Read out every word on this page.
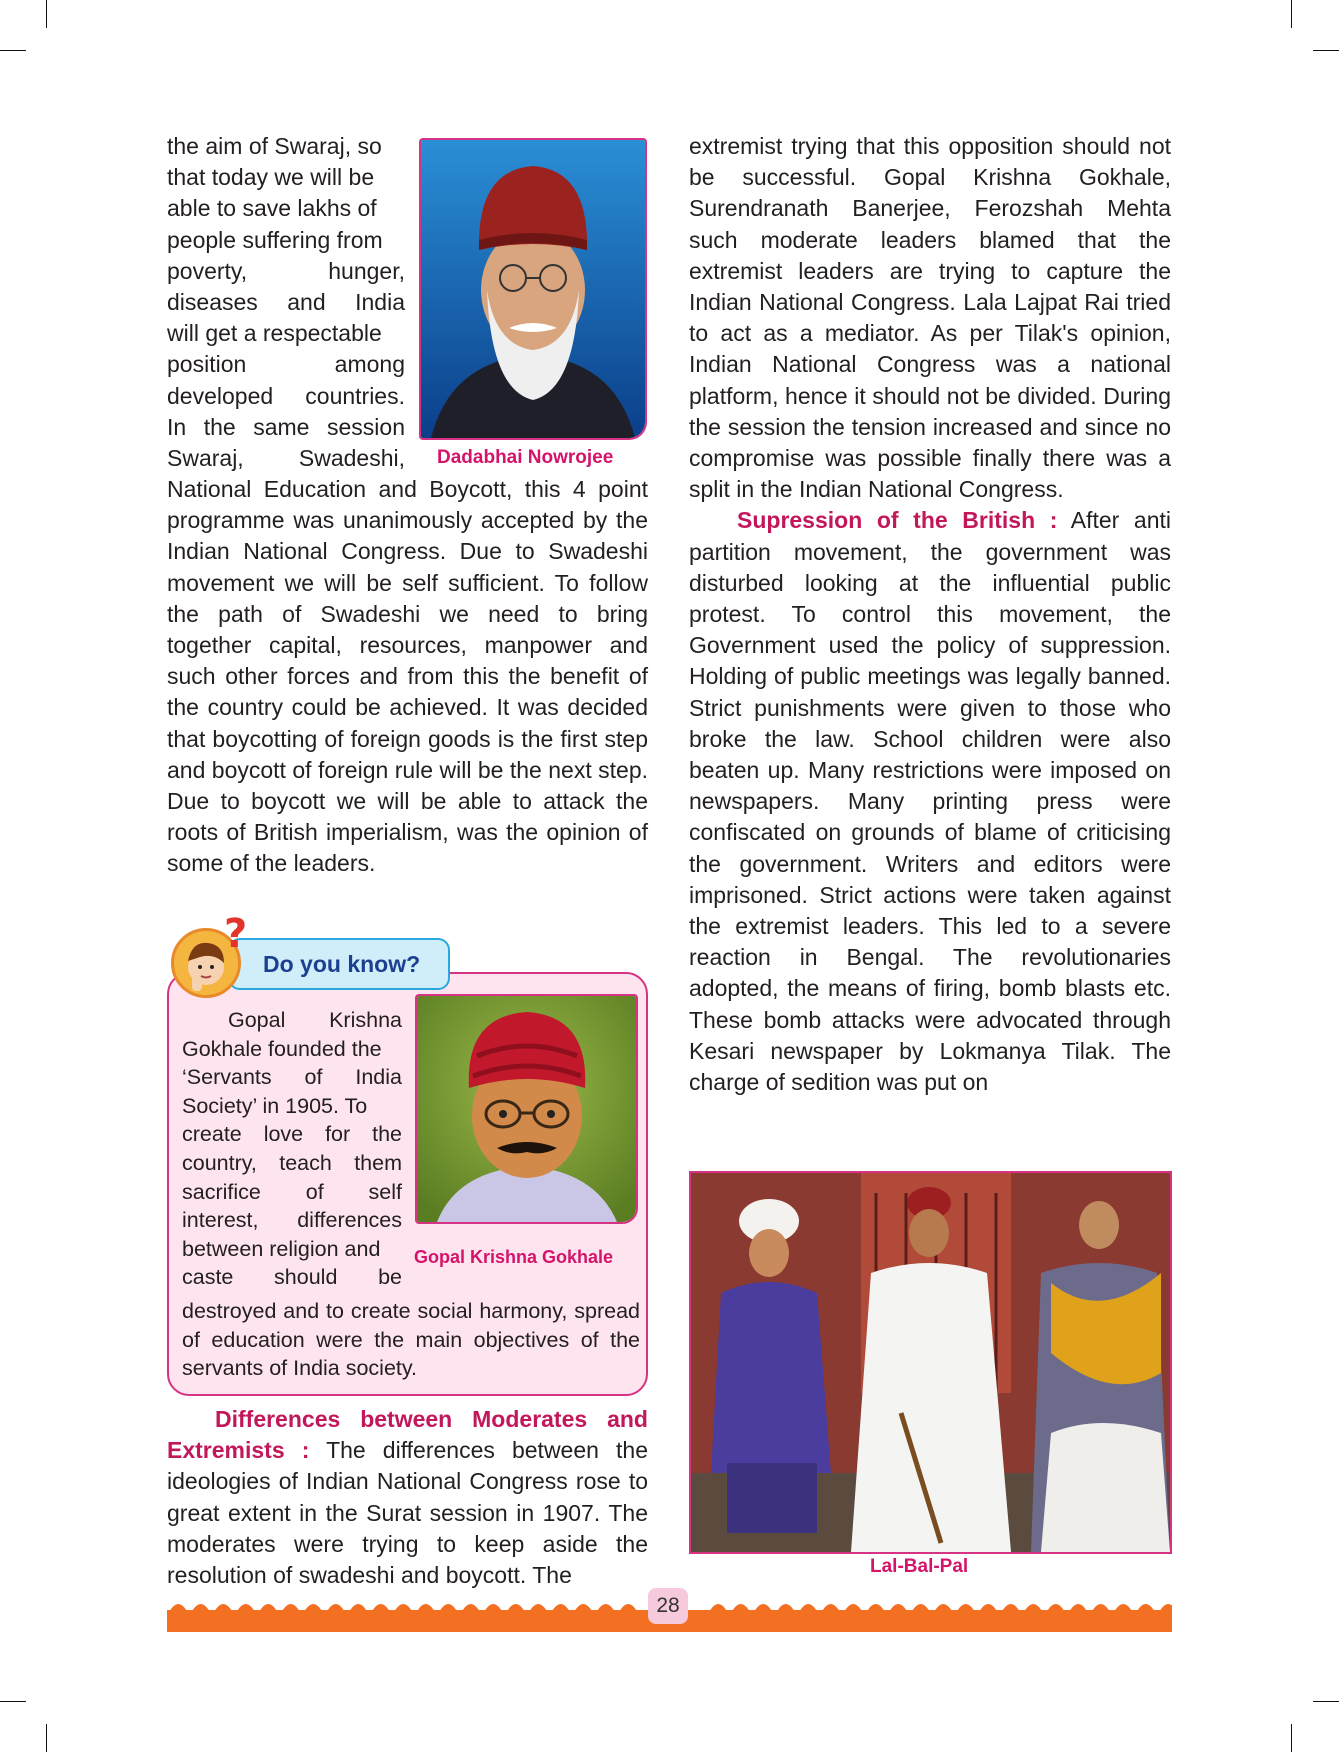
the aim of Swaraj, so

that today we will be

able to save lakhs of

people suffering from

poverty, hunger,

diseases and India

will get a respectable

position among

developed countries.

In the same session

Swaraj, Swadeshi, Dadabhai Nowrojee

National Education and Boycott, this 4 point programme was unanimously accepted by the Indian National Congress. Due to Swadeshi movement we will be self sufficient. To follow the path of Swadeshi we need to bring together capital, resources, manpower and such other forces and from this the benefit of the country could be achieved. It was decided that boycotting of foreign goods is the first step and boycott of foreign rule will be the next step. Due to boycott we will be able to attack the roots of British imperialism, was the opinion of some of the leaders.

Do you know?
?

Gopal Krishna

Gokhale founded the

‘Servants of India

Society’ in 1905. To

create love for the

country, teach them

sacrifice of self

interest, differences

between religion and

caste should be

Gopal Krishna Gokhale

destroyed and to create social harmony, spread of education were the main objectives of the servants of India society.

Differences between Moderates and Extremists : The differences between the ideologies of Indian National Congress rose to great extent in the Surat session in 1907. The moderates were trying to keep aside the resolution of swadeshi and boycott. The

extremist trying that this opposition should not be successful. Gopal Krishna Gokhale, Surendranath Banerjee, Ferozshah Mehta such moderate leaders blamed that the extremist leaders are trying to capture the Indian National Congress. Lala Lajpat Rai tried to act as a mediator. As per Tilak's opinion, Indian National Congress was a national platform, hence it should not be divided. During the session the tension increased and since no compromise was possible finally there was a split in the Indian National Congress.

Supression of the British : After anti partition movement, the government was disturbed looking at the influential public protest. To control this movement, the Government used the policy of suppression. Holding of public meetings was legally banned. Strict punishments were given to those who broke the law. School children were also beaten up. Many restrictions were imposed on newspapers. Many printing press were confiscated on grounds of blame of criticising the government. Writers and editors were imprisoned. Strict actions were taken against the extremist leaders. This led to a severe reaction in Bengal. The revolutionaries adopted, the means of firing, bomb blasts etc. These bomb attacks were advocated through Kesari newspaper by Lokmanya Tilak. The charge of sedition was put on

Lal-Bal-Pal
28
